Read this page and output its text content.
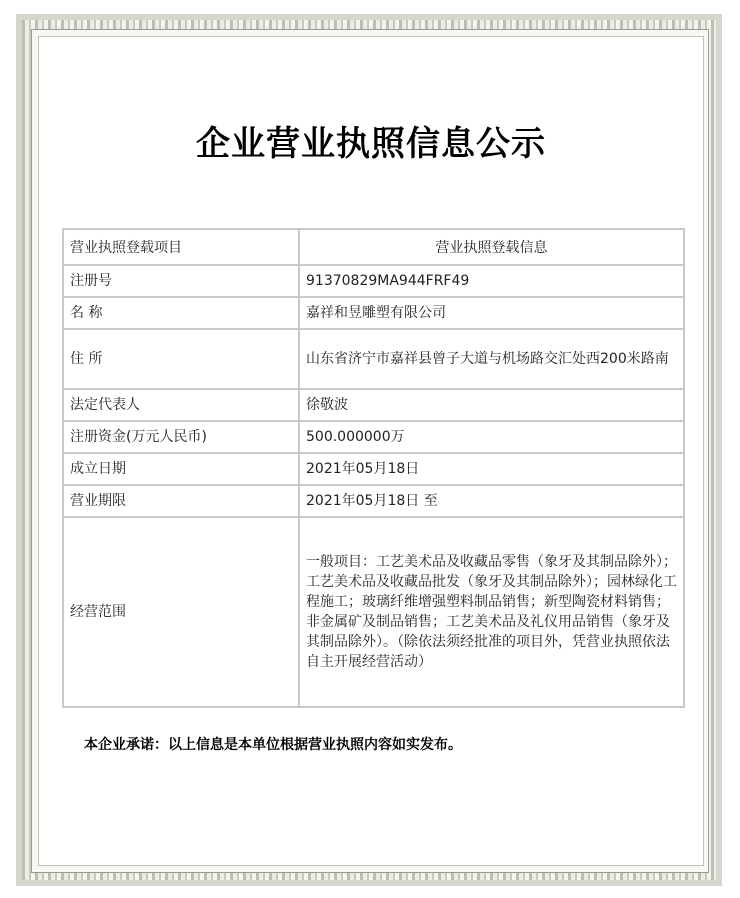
企业营业执照信息公示
营业执照登载项目	营业执照登载信息
注册号	91370829MA944FRF49
名 称	嘉祥和昱雕塑有限公司
住 所	山东省济宁市嘉祥县曾子大道与机场路交汇处西200米路南
法定代表人	徐敬波
注册资金(万元人民币)	500.000000万
成立日期	2021年05月18日
营业期限	2021年05月18日 至
经营范围	一般项目：工艺美术品及收藏品零售（象牙及其制品除外）；工艺美术品及收藏品批发（象牙及其制品除外）；园林绿化工程施工；玻璃纤维增强塑料制品销售；新型陶瓷材料销售；非金属矿及制品销售；工艺美术品及礼仪用品销售（象牙及其制品除外）。（除依法须经批准的项目外，凭营业执照依法自主开展经营活动）
本企业承诺：以上信息是本单位根据营业执照内容如实发布。
